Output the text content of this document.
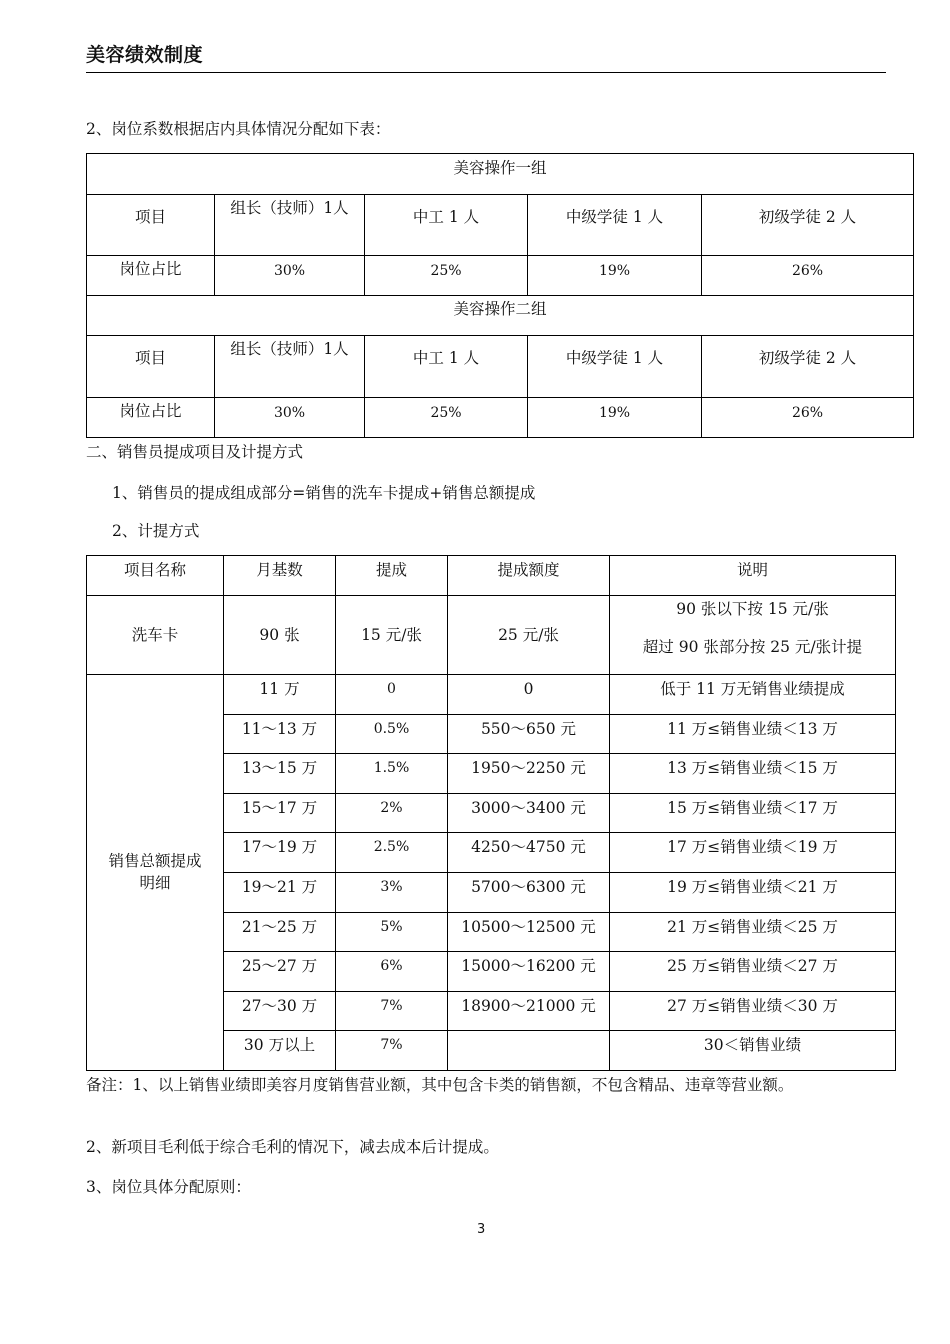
美容绩效制度
2、岗位系数根据店内具体情况分配如下表：
美容操作一组				
项目	组长（技师）1人	中工 1 人	中级学徒 1 人	初级学徒 2 人
岗位占比	30%	25%	19%	26%
美容操作二组				
项目	组长（技师）1人	中工 1 人	中级学徒 1 人	初级学徒 2 人
岗位占比	30%	25%	19%	26%
二、销售员提成项目及计提方式
1、销售员的提成组成部分=销售的洗车卡提成+销售总额提成
2、计提方式
项目名称	月基数	提成	提成额度	说明
洗车卡	90 张	15 元/张	25 元/张	90 张以下按 15 元/张
超过 90 张部分按 25 元/张计提

销售总额提成明细	11 万	0	0	低于 11 万无销售业绩提成
	11～13 万	0.5%	550～650 元	11 万≤销售业绩＜13 万
	13～15 万	1.5%	1950～2250 元	13 万≤销售业绩＜15 万
	15～17 万	2%	3000～3400 元	15 万≤销售业绩＜17 万
	17～19 万	2.5%	4250～4750 元	17 万≤销售业绩＜19 万
	19～21 万	3%	5700～6300 元	19 万≤销售业绩＜21 万
	21～25 万	5%	10500～12500 元	21 万≤销售业绩＜25 万
	25～27 万	6%	15000～16200 元	25 万≤销售业绩＜27 万
	27～30 万	7%	18900～21000 元	27 万≤销售业绩＜30 万
	30 万以上	7%		30＜销售业绩
备注：1、以上销售业绩即美容月度销售营业额，其中包含卡类的销售额，不包含精品、违章等营业额。
2、新项目毛利低于综合毛利的情况下，减去成本后计提成。
3、岗位具体分配原则：
3
